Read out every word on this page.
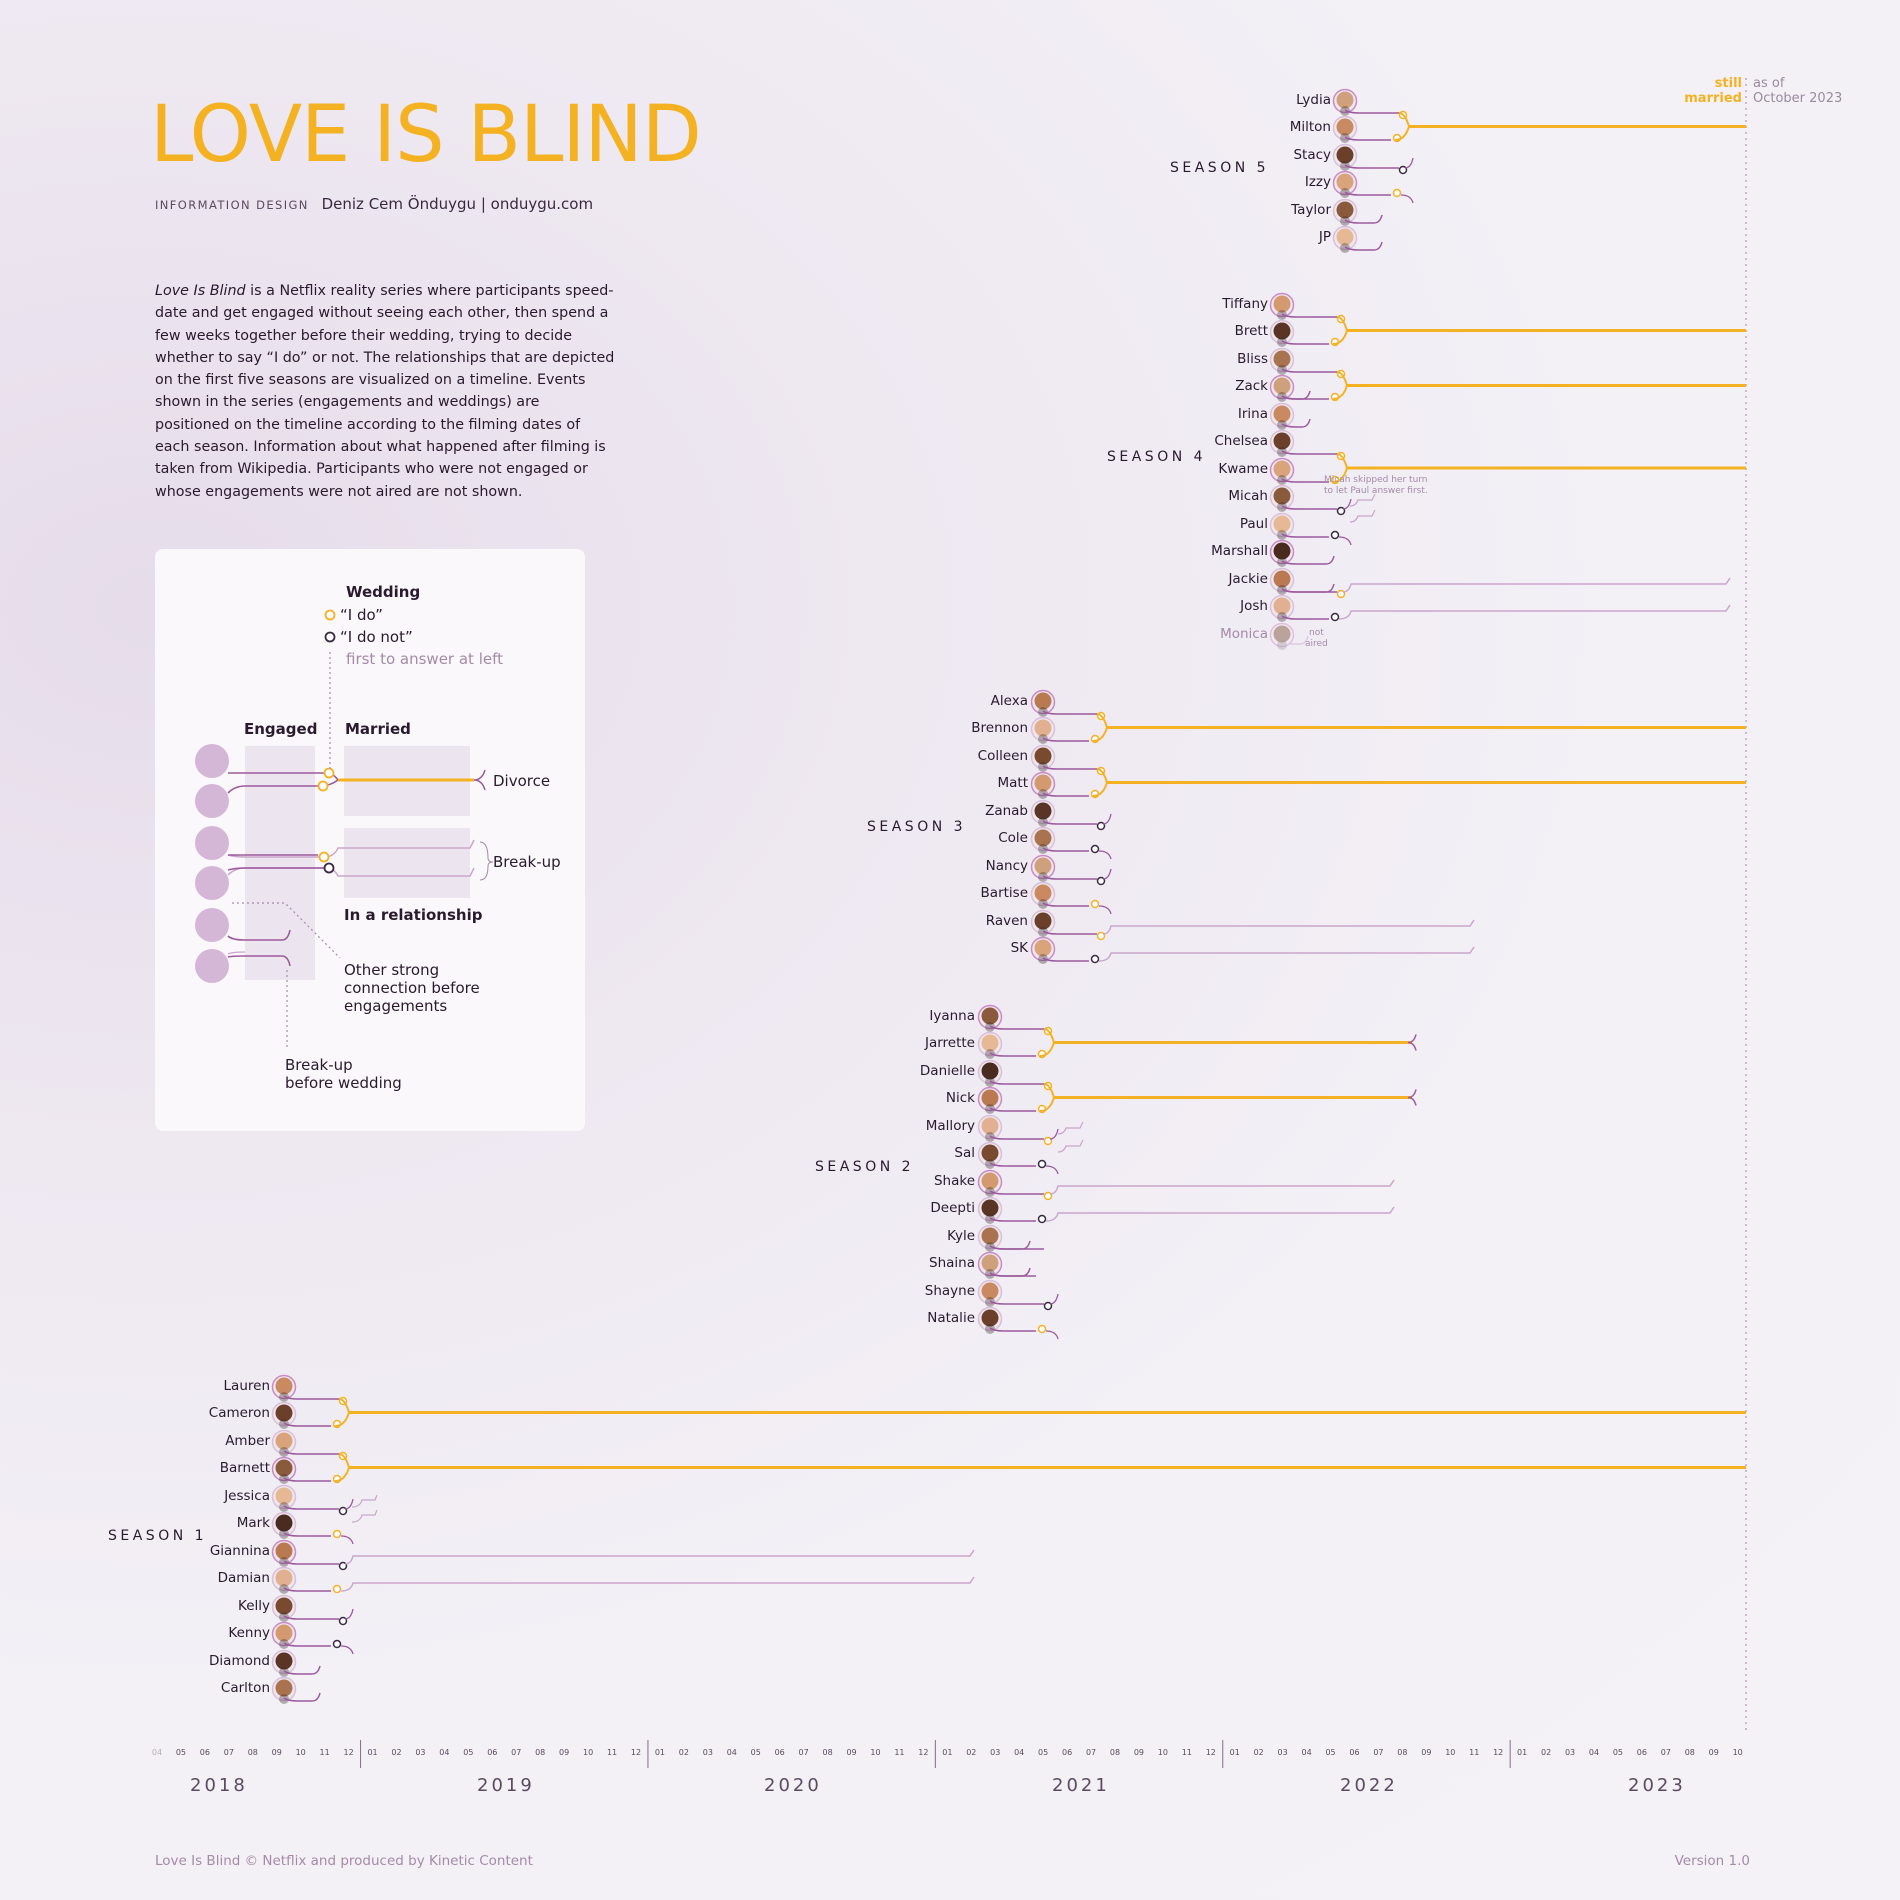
LOVE IS BLIND
INFORMATION DESIGN Deniz Cem Önduygu | onduygu.com
Love Is Blind is a Netflix reality series where participants speed-date and get engaged without seeing each other, then spend a few weeks together before their wedding, trying to decide whether to say “I do” or not. The relationships that are depicted on the first five seasons are visualized on a timeline. Events shown in the series (engagements and weddings) are positioned on the timeline according to the filming dates of each season. Information about what happened after filming is taken from Wikipedia. Participants who were not engaged or whose engagements were not aired are not shown.
Wedding
“I do”
“I do not”
first to answer at left
Engaged Married
Divorce
Break-up
In a relationship
Other strong
connection before
engagements
Break-up
before wedding
still
married
as of
October 2023
Micah skipped her turn
to let Paul answer first.
not
aired
04	05	06	07	08	09	10	11	12	01	02	03	04	05	06	07	08	09	10	11	12	01	02	03	04	05	06	07	08	09	10	11	12	01	02	03	04	05	06	07	08	09	10	11	12	01	02	03	04	05	06	07	08	09	10	11	12	01	02	03	04	05	06	07	08	09	10
2018	2019	2020	2021	2022	2023
SEASON 1
Lauren
Cameron
Amber
Barnett
Jessica
Mark
Giannina
Damian
Kelly
Kenny
Diamond
Carlton
SEASON 2
Iyanna
Jarrette
Danielle
Nick
Mallory
Sal
Shake
Deepti
Kyle
Shaina
Shayne
Natalie
SEASON 3
Alexa
Brennon
Colleen
Matt
Zanab
Cole
Nancy
Bartise
Raven
SK
SEASON 4
Tiffany
Brett
Bliss
Zack
Irina
Chelsea
Kwame
Micah
Paul
Marshall
Jackie
Josh
Monica
SEASON 5
Lydia
Milton
Stacy
Izzy
Taylor
JP
Love Is Blind © Netflix and produced by Kinetic Content	Version 1.0
